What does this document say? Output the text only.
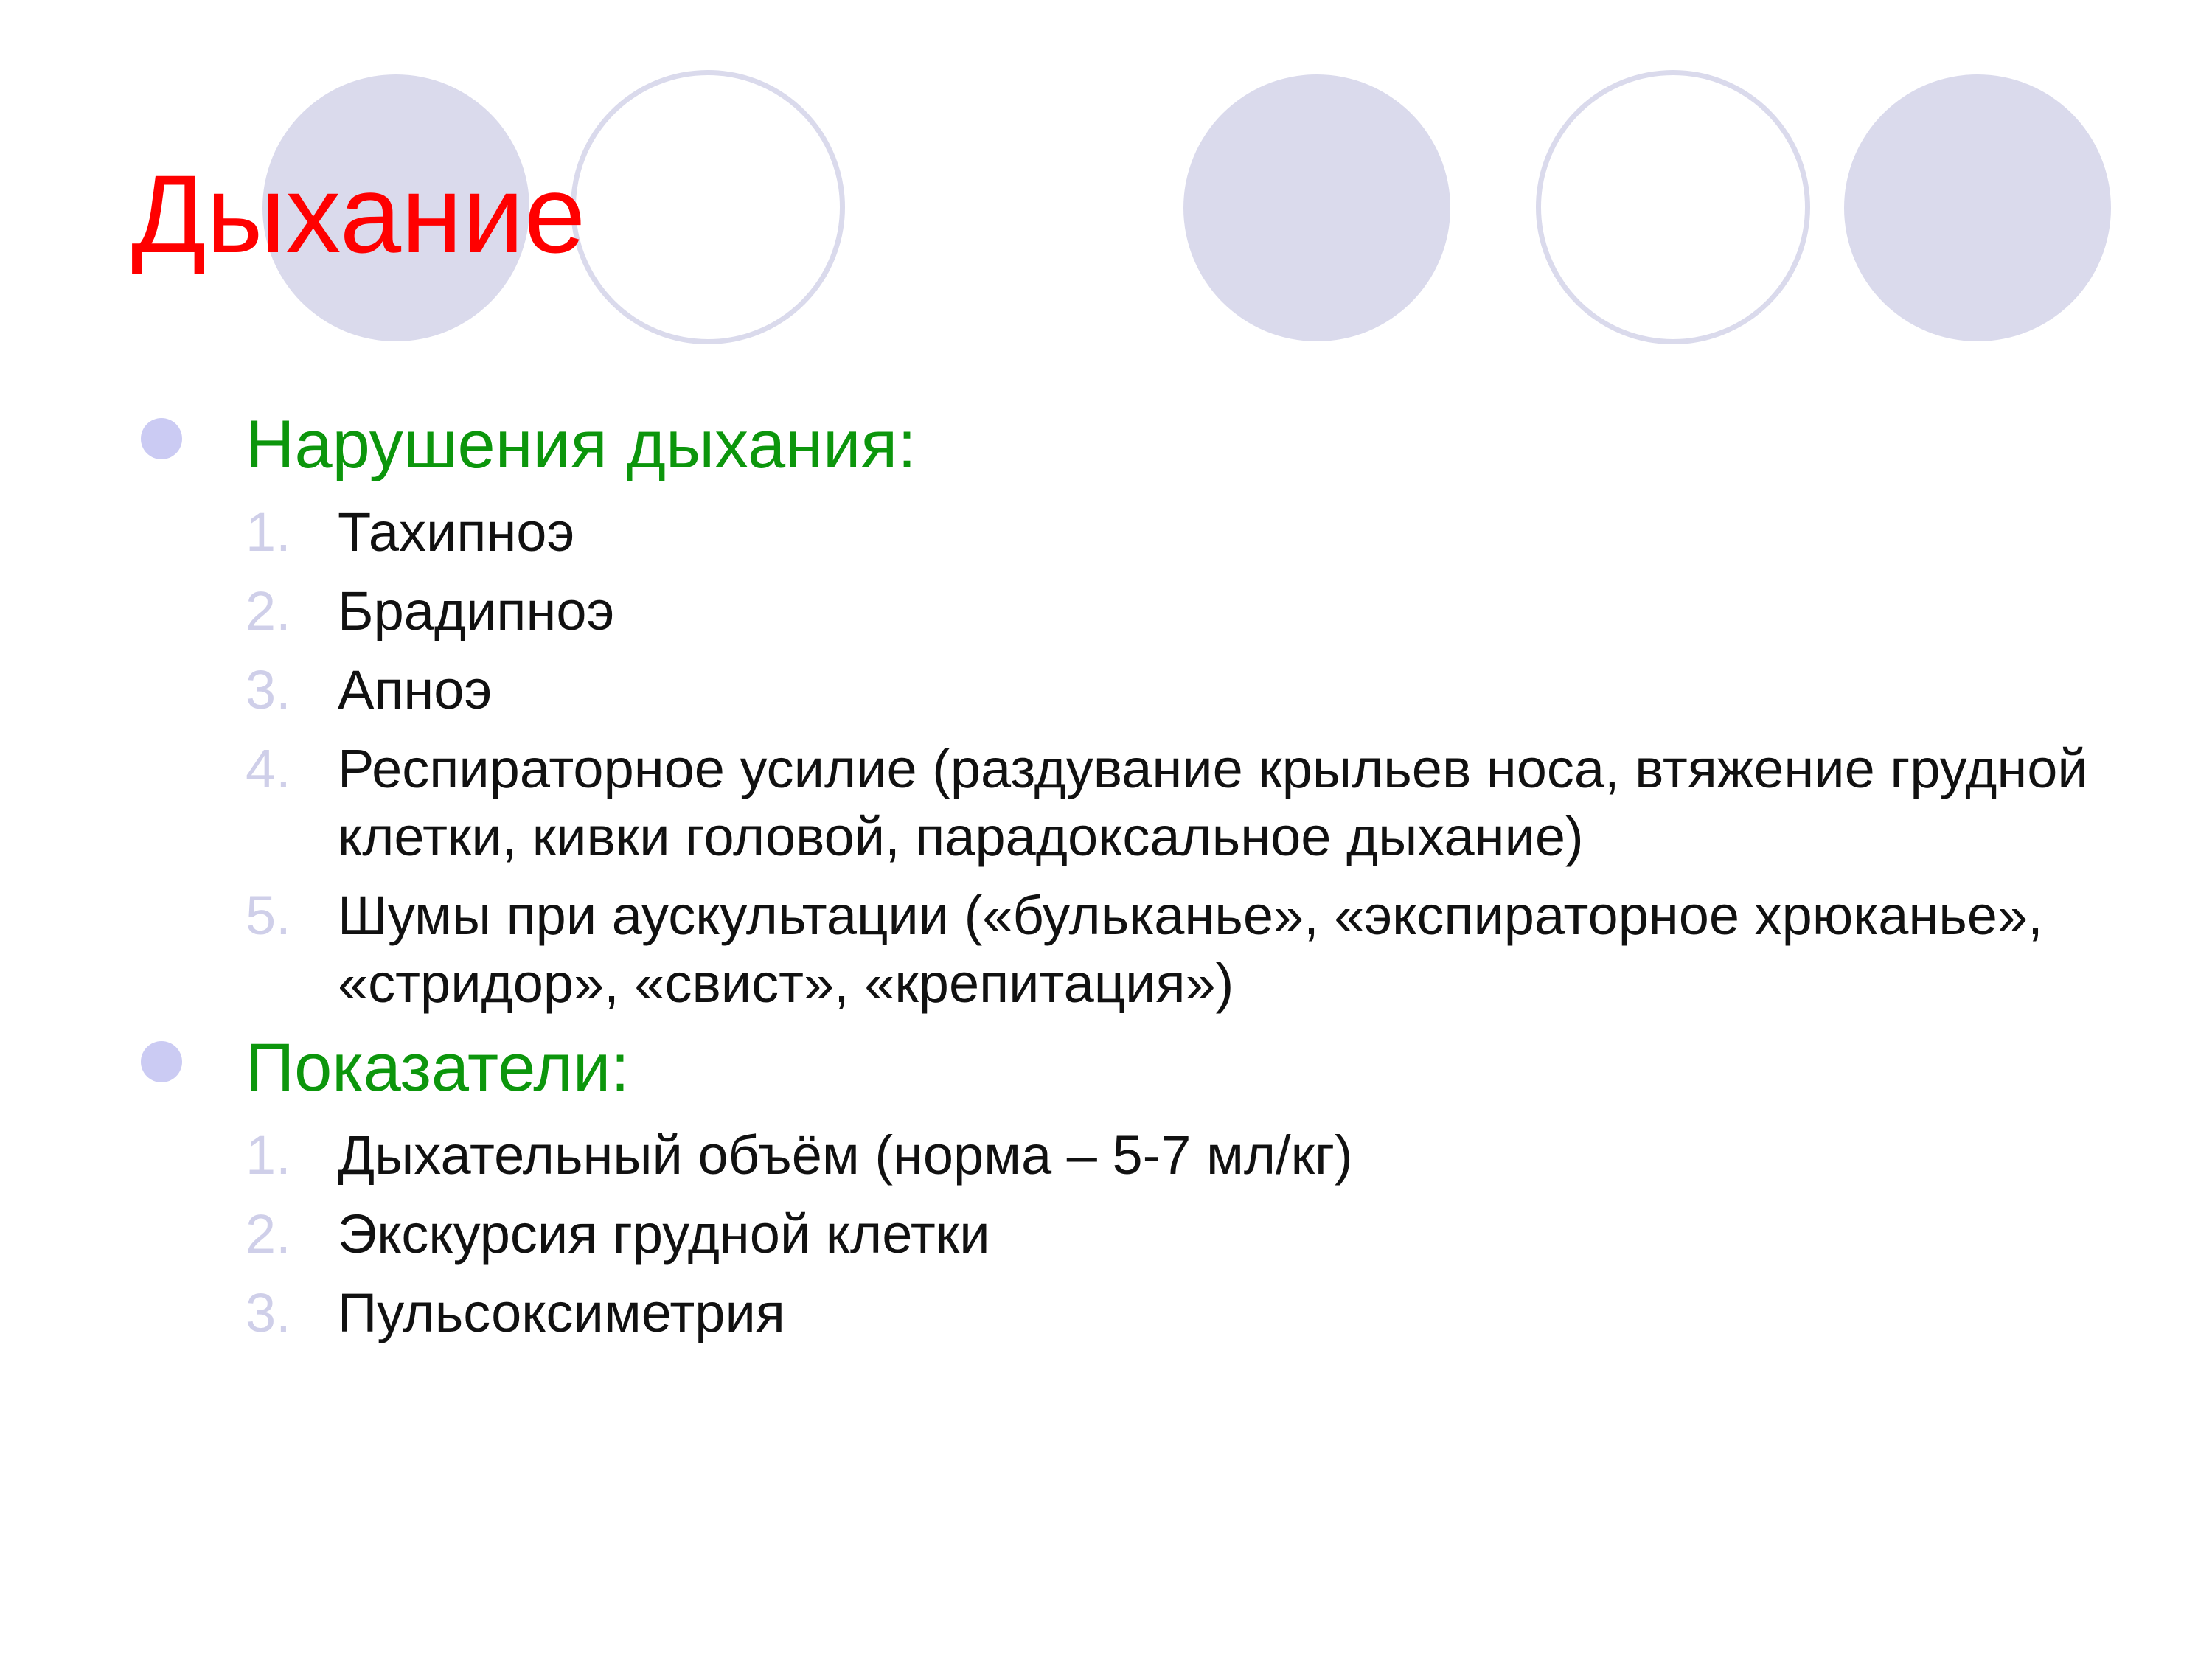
Дыхание
Нарушения дыхания:
1. Тахипноэ
2. Брадипноэ
3. Апноэ
4. Респираторное усилие (раздувание крыльев носа, втяжение грудной клетки, кивки головой, парадоксальное дыхание)
5. Шумы при аускультации («бульканье», «экспираторное хрюканье», «стридор», «свист», «крепитация»)
Показатели:
1. Дыхательный объём (норма – 5-7 мл/кг)
2. Экскурсия грудной клетки
3. Пульсоксиметрия
